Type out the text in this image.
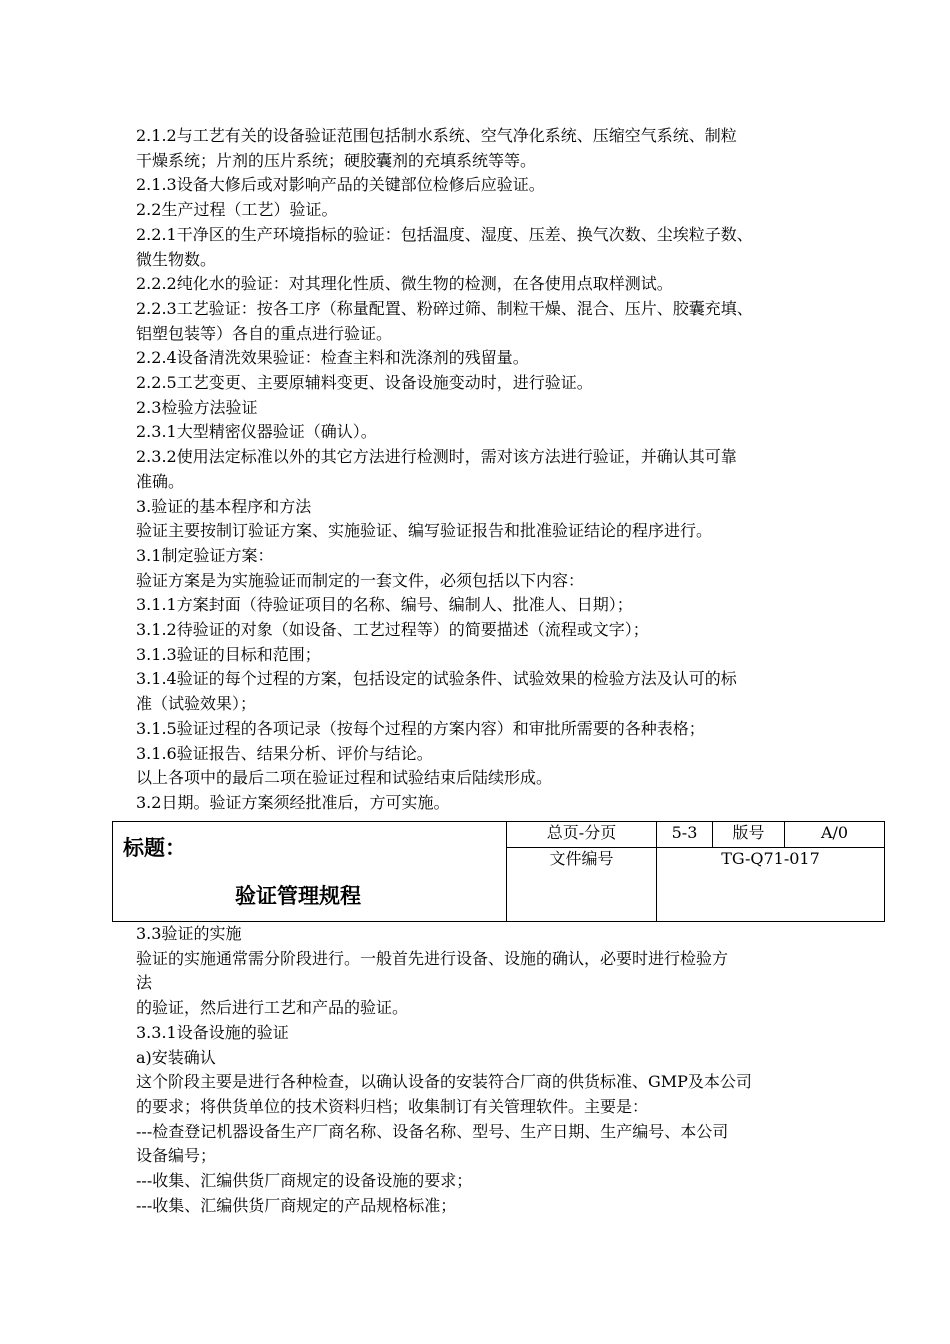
2.1.2与工艺有关的设备验证范围包括制水系统、空气净化系统、压缩空气系统、制粒

干燥系统；片剂的压片系统；硬胶囊剂的充填系统等等。

2.1.3设备大修后或对影响产品的关键部位检修后应验证。

2.2生产过程（工艺）验证。

2.2.1干净区的生产环境指标的验证：包括温度、湿度、压差、换气次数、尘埃粒子数、

微生物数。

2.2.2纯化水的验证：对其理化性质、微生物的检测，在各使用点取样测试。

2.2.3工艺验证：按各工序（称量配置、粉碎过筛、制粒干燥、混合、压片、胶囊充填、

铝塑包装等）各自的重点进行验证。

2.2.4设备清洗效果验证：检查主料和洗涤剂的残留量。

2.2.5工艺变更、主要原辅料变更、设备设施变动时，进行验证。

2.3检验方法验证

2.3.1大型精密仪器验证（确认）。

2.3.2使用法定标准以外的其它方法进行检测时，需对该方法进行验证，并确认其可靠

准确。

3.验证的基本程序和方法

验证主要按制订验证方案、实施验证、编写验证报告和批准验证结论的程序进行。

3.1制定验证方案：

验证方案是为实施验证而制定的一套文件，必须包括以下内容：

3.1.1方案封面（待验证项目的名称、编号、编制人、批准人、日期）；

3.1.2待验证的对象（如设备、工艺过程等）的简要描述（流程或文字）；

3.1.3验证的目标和范围；

3.1.4验证的每个过程的方案，包括设定的试验条件、试验效果的检验方法及认可的标

准（试验效果）；

3.1.5验证过程的各项记录（按每个过程的方案内容）和审批所需要的各种表格；

3.1.6验证报告、结果分析、评价与结论。

以上各项中的最后二项在验证过程和试验结束后陆续形成。

3.2日期。验证方案须经批准后，方可实施。

标题：
验证管理规程	总页-分页	5-3	版号	A/0
	文件编号	TG-Q71-017		

3.3验证的实施

验证的实施通常需分阶段进行。一般首先进行设备、设施的确认，必要时进行检验方

法

的验证，然后进行工艺和产品的验证。

3.3.1设备设施的验证

a)安装确认

这个阶段主要是进行各种检查，以确认设备的安装符合厂商的供货标准、GMP及本公司

的要求；将供货单位的技术资料归档；收集制订有关管理软件。主要是：

---检查登记机器设备生产厂商名称、设备名称、型号、生产日期、生产编号、本公司

设备编号；

---收集、汇编供货厂商规定的设备设施的要求；

---收集、汇编供货厂商规定的产品规格标准；
